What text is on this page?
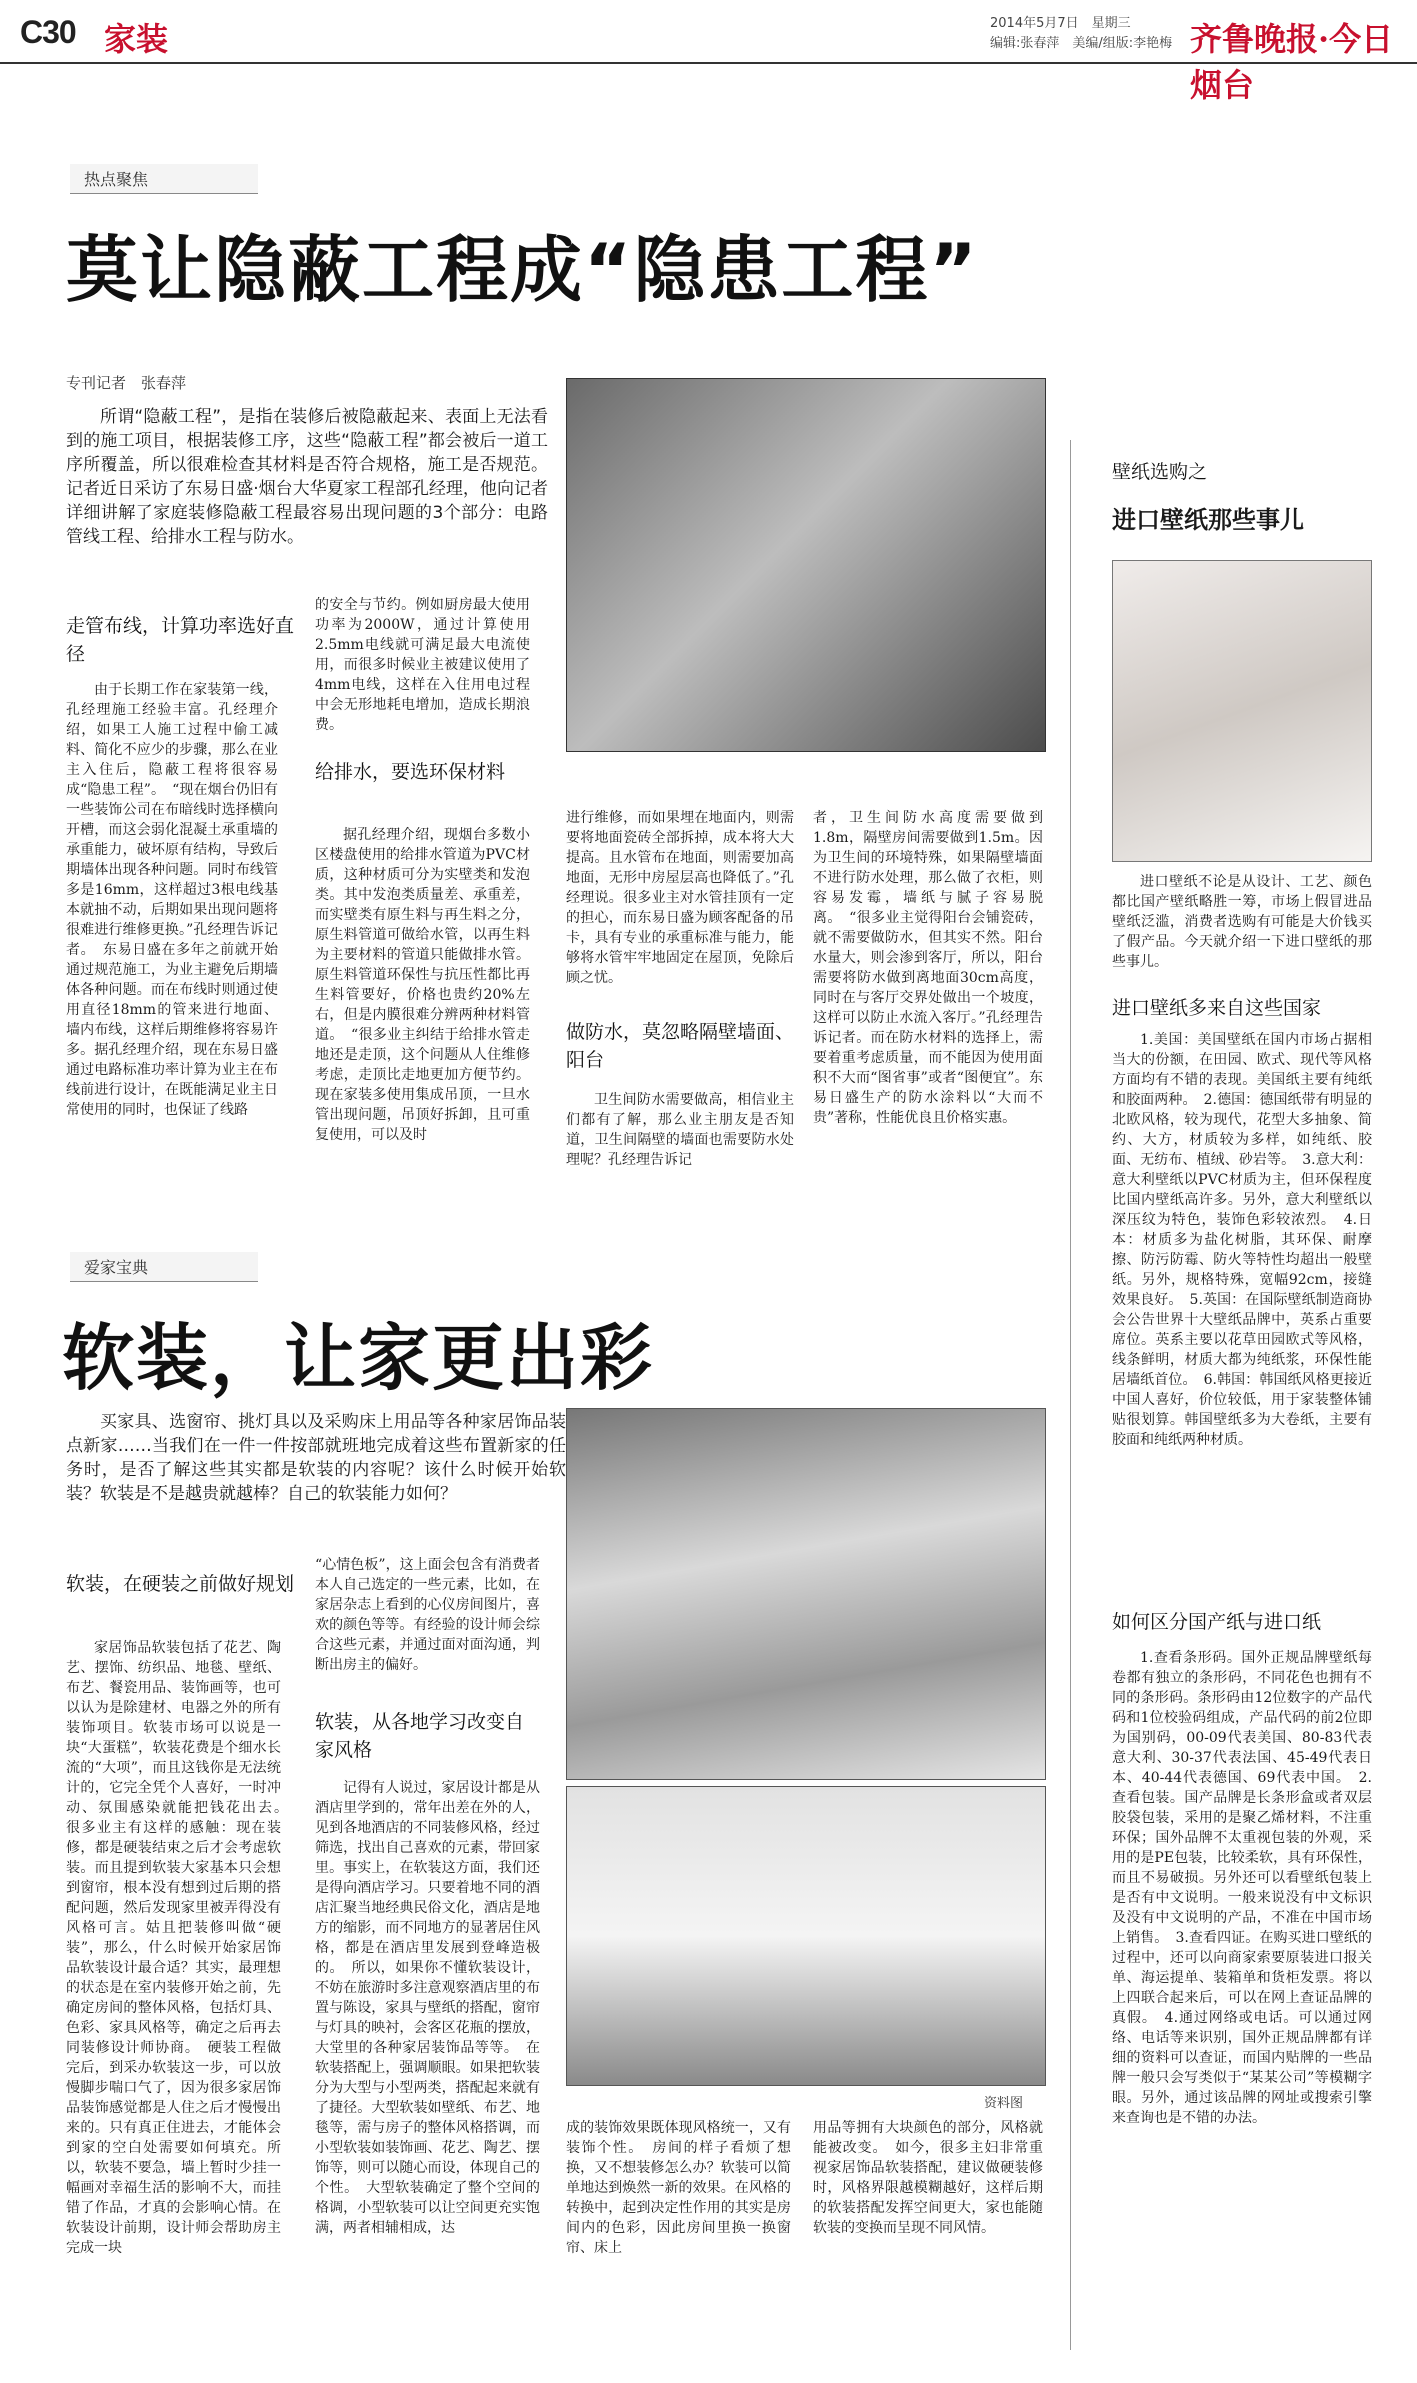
C30 家装	2014年5月7日　星期三
编辑:张春萍　美编/组版:李艳梅 齐鲁晚报·今日烟台
热点聚焦
莫让隐蔽工程成“隐患工程”
专刊记者　张春萍
所谓“隐蔽工程”，是指在装修后被隐蔽起来、表面上无法看到的施工项目，根据装修工序，这些“隐蔽工程”都会被后一道工序所覆盖，所以很难检查其材料是否符合规格，施工是否规范。记者近日采访了东易日盛·烟台大华夏家工程部孔经理，他向记者详细讲解了家庭装修隐蔽工程最容易出现问题的3个部分：电路管线工程、给排水工程与防水。
走管布线，计算功率选好直径

由于长期工作在家装第一线，孔经理施工经验丰富。孔经理介绍，如果工人施工过程中偷工减料、简化不应少的步骤，那么在业主入住后，隐蔽工程将很容易成“隐患工程”。　“现在烟台仍旧有一些装饰公司在布暗线时选择横向开槽，而这会弱化混凝土承重墙的承重能力，破坏原有结构，导致后期墙体出现各种问题。同时布线管多是16mm，这样超过3根电线基本就抽不动，后期如果出现问题将很难进行维修更换。”孔经理告诉记者。　东易日盛在多年之前就开始通过规范施工，为业主避免后期墙体各种问题。而在布线时则通过使用直径18mm的管来进行地面、墙内布线，这样后期维修将容易许多。据孔经理介绍，现在东易日盛通过电路标准功率计算为业主在布线前进行设计，在既能满足业主日常使用的同时，也保证了线路

的安全与节约。例如厨房最大使用功率为2000W，通过计算使用2.5mm电线就可满足最大电流使用，而很多时候业主被建议使用了4mm电线，这样在入住用电过程中会无形地耗电增加，造成长期浪费。

给排水，要选环保材料

据孔经理介绍，现烟台多数小区楼盘使用的给排水管道为PVC材质，这种材质可分为实壁类和发泡类。其中发泡类质量差、承重差，而实壁类有原生料与再生料之分，原生料管道可做给水管，以再生料为主要材料的管道只能做排水管。原生料管道环保性与抗压性都比再生料管要好，价格也贵约20%左右，但是内膜很难分辨两种材料管道。　“很多业主纠结于给排水管走地还是走顶，这个问题从人住维修考虑，走顶比走地更加方便节约。现在家装多使用集成吊顶，一旦水管出现问题，吊顶好拆卸，且可重复使用，可以及时

进行维修，而如果埋在地面内，则需要将地面瓷砖全部拆掉，成本将大大提高。且水管布在地面，则需要加高地面，无形中房屋层高也降低了。”孔经理说。很多业主对水管挂顶有一定的担心，而东易日盛为顾客配备的吊卡，具有专业的承重标准与能力，能够将水管牢牢地固定在屋顶，免除后顾之忧。

做防水，莫忽略隔壁墙面、阳台

卫生间防水需要做高，相信业主们都有了解，那么业主朋友是否知道，卫生间隔壁的墙面也需要防水处理呢？孔经理告诉记

者，卫生间防水高度需要做到1.8m，隔壁房间需要做到1.5m。因为卫生间的环境特殊，如果隔壁墙面不进行防水处理，那么做了衣柜，则容易发霉，墙纸与腻子容易脱离。　“很多业主觉得阳台会铺瓷砖，就不需要做防水，但其实不然。阳台水量大，则会渗到客厅，所以，阳台需要将防水做到离地面30cm高度，同时在与客厅交界处做出一个坡度，这样可以防止水流入客厅。”孔经理告诉记者。而在防水材料的选择上，需要着重考虑质量，而不能因为使用面积不大而“图省事”或者“图便宜”。东易日盛生产的防水涂料以“大而不贵”著称，性能优良且价格实惠。

壁纸选购之
进口壁纸那些事儿

进口壁纸不论是从设计、工艺、颜色都比国产壁纸略胜一筹，市场上假冒进品壁纸泛滥，消费者选购有可能是大价钱买了假产品。今天就介绍一下进口壁纸的那些事儿。

进口壁纸多来自这些国家

1.美国：美国壁纸在国内市场占据相当大的份额，在田园、欧式、现代等风格方面均有不错的表现。美国纸主要有纯纸和胶面两种。　2.德国：德国纸带有明显的北欧风格，较为现代，花型大多抽象、简约、大方，材质较为多样，如纯纸、胶面、无纺布、植绒、砂岩等。　3.意大利：意大利壁纸以PVC材质为主，但环保程度比国内壁纸高许多。另外，意大利壁纸以深压纹为特色，装饰色彩较浓烈。　4.日本：材质多为盐化树脂，其环保、耐摩擦、防污防霉、防火等特性均超出一般壁纸。另外，规格特殊，宽幅92cm，接缝效果良好。　5.英国：在国际壁纸制造商协会公告世界十大壁纸品牌中，英系占重要席位。英系主要以花草田园欧式等风格，线条鲜明，材质大都为纯纸浆，环保性能居墙纸首位。　6.韩国：韩国纸风格更接近中国人喜好，价位较低，用于家装整体铺贴很划算。韩国壁纸多为大卷纸，主要有胶面和纯纸两种材质。

如何区分国产纸与进口纸

1.查看条形码。国外正规品牌壁纸每卷都有独立的条形码，不同花色也拥有不同的条形码。条形码由12位数字的产品代码和1位校验码组成，产品代码的前2位即为国别码，00-09代表美国、80-83代表意大利、30-37代表法国、45-49代表日本、40-44代表德国、69代表中国。　2.查看包装。国产品牌是长条形盒或者双层胶袋包装，采用的是聚乙烯材料，不注重环保；国外品牌不太重视包装的外观，采用的是PE包装，比较柔软，具有环保性，而且不易破损。另外还可以看壁纸包装上是否有中文说明。一般来说没有中文标识及没有中文说明的产品，不准在中国市场上销售。　3.查看四证。在购买进口壁纸的过程中，还可以向商家索要原装进口报关单、海运提单、装箱单和货柜发票。将以上四联合起来后，可以在网上查证品牌的真假。　4.通过网络或电话。可以通过网络、电话等来识别，国外正规品牌都有详细的资料可以查证，而国内贴牌的一些品牌一般只会写类似于“某某公司”等模糊字眼。另外，通过该品牌的网址或搜索引擎来查询也是不错的办法。

爱家宝典
软装，让家更出彩
买家具、选窗帘、挑灯具以及采购床上用品等各种家居饰品装点新家……当我们在一件一件按部就班地完成着这些布置新家的任务时，是否了解这些其实都是软装的内容呢？该什么时候开始软装？软装是不是越贵就越棒？自己的软装能力如何？
资料图
软装，在硬装之前做好规划

家居饰品软装包括了花艺、陶艺、摆饰、纺织品、地毯、壁纸、布艺、餐瓷用品、装饰画等，也可以认为是除建材、电器之外的所有装饰项目。软装市场可以说是一块“大蛋糕”，软装花费是个细水长流的“大项”，而且这钱你是无法统计的，它完全凭个人喜好，一时冲动、氛围感染就能把钱花出去。　很多业主有这样的感触：现在装修，都是硬装结束之后才会考虑软装。而且提到软装大家基本只会想到窗帘，根本没有想到过后期的搭配问题，然后发现家里被弄得没有风格可言。姑且把装修叫做“硬装”，那么，什么时候开始家居饰品软装设计最合适？其实，最理想的状态是在室内装修开始之前，先确定房间的整体风格，包括灯具、色彩、家具风格等，确定之后再去同装修设计师协商。　硬装工程做完后，到采办软装这一步，可以放慢脚步喘口气了，因为很多家居饰品装饰感觉都是人住之后才慢慢出来的。只有真正住进去，才能体会到家的空白处需要如何填充。所以，软装不要急，墙上暂时少挂一幅画对幸福生活的影响不大，而挂错了作品，才真的会影响心情。在软装设计前期，设计师会帮助房主完成一块

“心情色板”，这上面会包含有消费者本人自己选定的一些元素，比如，在家居杂志上看到的心仪房间图片，喜欢的颜色等等。有经验的设计师会综合这些元素，并通过面对面沟通，判断出房主的偏好。

软装，从各地学习改变自家风格

记得有人说过，家居设计都是从酒店里学到的，常年出差在外的人，见到各地酒店的不同装修风格，经过筛选，找出自己喜欢的元素，带回家里。事实上，在软装这方面，我们还是得向酒店学习。只要着地不同的酒店汇聚当地经典民俗文化，酒店是地方的缩影，而不同地方的显著居住风格，都是在酒店里发展到登峰造极的。　所以，如果你不懂软装设计，不妨在旅游时多注意观察酒店里的布置与陈设，家具与壁纸的搭配，窗帘与灯具的映衬，会客区花瓶的摆放，大堂里的各种家居装饰品等等。　在软装搭配上，强调顺眼。如果把软装分为大型与小型两类，搭配起来就有了捷径。大型软装如壁纸、布艺、地毯等，需与房子的整体风格搭调，而小型软装如装饰画、花艺、陶艺、摆饰等，则可以随心而设，体现自己的个性。　大型软装确定了整个空间的格调，小型软装可以让空间更充实饱满，两者相辅相成，达

成的装饰效果既体现风格统一，又有装饰个性。　房间的样子看烦了想换，又不想装修怎么办？软装可以简单地达到焕然一新的效果。在风格的转换中，起到决定性作用的其实是房间内的色彩，因此房间里换一换窗帘、床上

用品等拥有大块颜色的部分，风格就能被改变。　如今，很多主妇非常重视家居饰品软装搭配，建议做硬装修时，风格界限越模糊越好，这样后期的软装搭配发挥空间更大，家也能随软装的变换而呈现不同风情。
